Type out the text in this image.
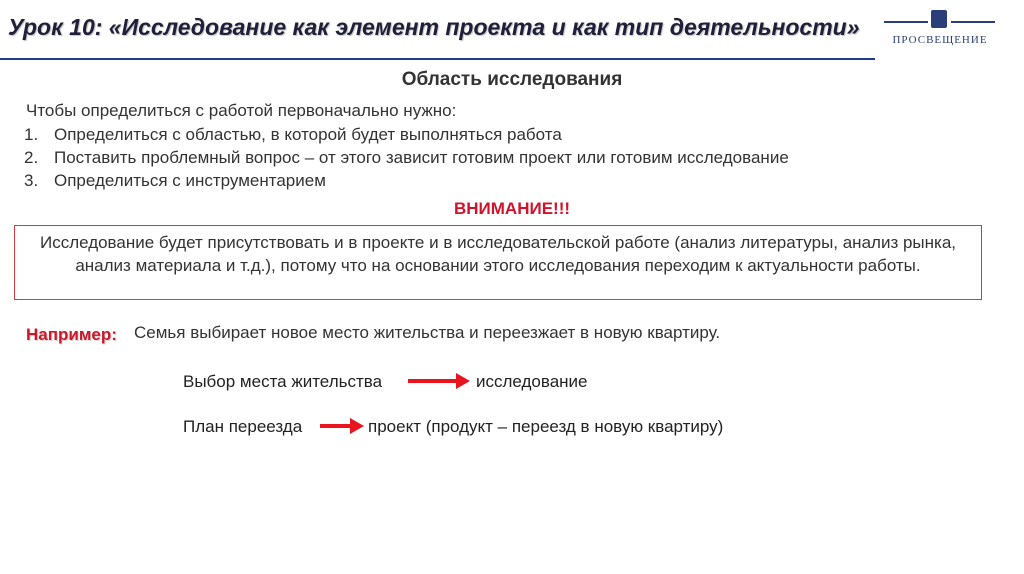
Урок 10: «Исследование как элемент проекта и как тип деятельности»	ПРОСВЕЩЕНИЕ
Область исследования
Чтобы определиться с работой первоначально нужно:
1. Определиться с областью, в которой будет выполняться работа
2. Поставить проблемный вопрос – от этого зависит готовим проект или готовим исследование
3. Определиться с инструментарием
ВНИМАНИЕ!!!
Исследование будет присутствовать и в проекте и в исследовательской работе (анализ литературы, анализ рынка, анализ материала и т.д.), потому что на основании этого исследования переходим к актуальности работы.
Например: Семья выбирает новое место жительства и переезжает в новую квартиру.
Выбор места жительства	исследование
План переезда	проект (продукт – переезд в новую квартиру)
